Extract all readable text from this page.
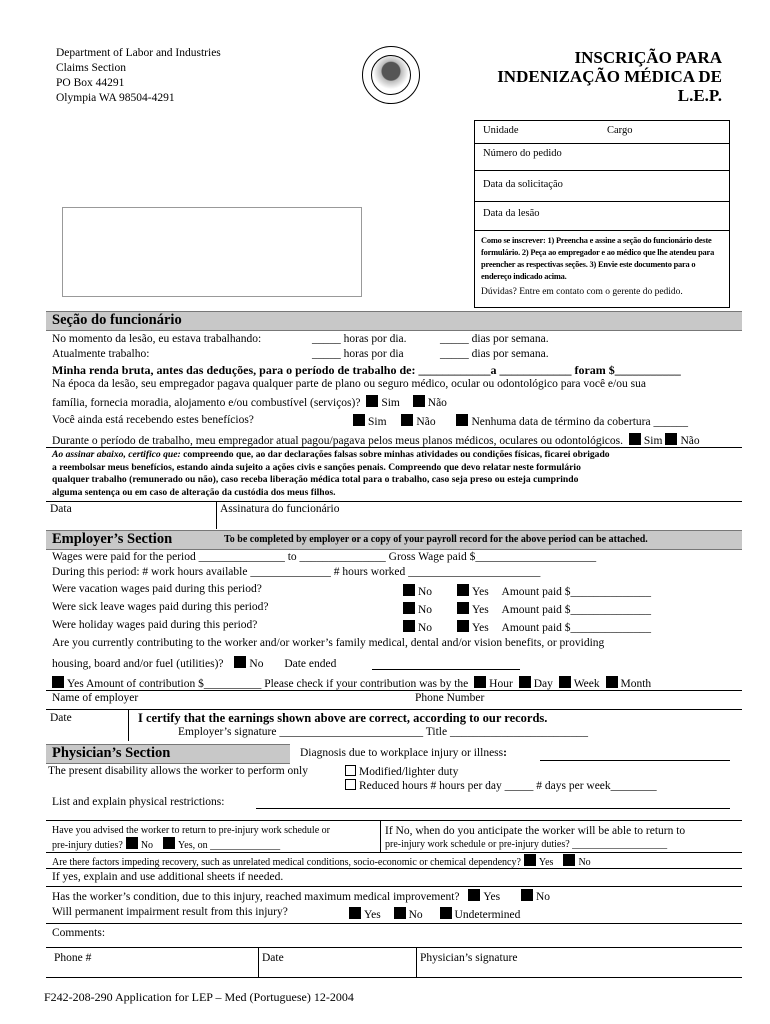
Department of Labor and Industries
Claims Section
PO Box 44291
Olympia WA 98504-4291
INSCRIÇÃO PARA
INDENIZAÇÃO MÉDICA DE
L.E.P.
Unidade	Cargo
Número do pedido
Data da solicitação
Data da lesão
Como se inscrever: 1) Preencha e assine a seção do funcionário deste formulário. 2) Peça ao empregador e ao médico que lhe atendeu para preencher as respectivas seções. 3) Envie este documento para o endereço indicado acima.
Dúvidas? Entre em contato com o gerente do pedido.
Seção do funcionário
No momento da lesão, eu estava trabalhando:	_____ horas por dia.	_____ dias por semana.
Atualmente trabalho:	_____ horas por dia	_____ dias por semana.
Minha renda bruta, antes das deduções, para o período de trabalho de: ____________a ____________ foram $___________
Na época da lesão, seu empregador pagava qualquer parte de plano ou seguro médico, ocular ou odontológico para você e/ou sua
família, fornecia moradia, alojamento e/ou combustível (serviços)? Sim Não
Você ainda está recebendo estes benefícios?	Sim	Não	Nenhuma data de término da cobertura ______
Durante o período de trabalho, meu empregador atual pagou/pagava pelos meus planos médicos, oculares ou odontológicos. Sim Não
Ao assinar abaixo, certifico que: compreendo que, ao dar declarações falsas sobre minhas atividades ou condições físicas, ficarei obrigado
a reembolsar meus benefícios, estando ainda sujeito a ações civis e sanções penais. Compreendo que devo relatar neste formulário
qualquer trabalho (remunerado ou não), caso receba liberação médica total para o trabalho, caso seja preso ou esteja cumprindo
alguma sentença ou em caso de alteração da custódia dos meus filhos.
Data	Assinatura do funcionário
Employer’s Section	To be completed by employer or a copy of your payroll record for the above period can be attached.
Wages were paid for the period _______________ to _______________ Gross Wage paid $_____________________
During this period: # work hours available ______________ # hours worked _______________________
Were vacation wages paid during this period?	No	Yes Amount paid $______________
Were sick leave wages paid during this period?	No	Yes Amount paid $______________
Were holiday wages paid during this period?	No	Yes Amount paid $______________
Are you currently contributing to the worker and/or worker’s family medical, dental and/or vision benefits, or providing
housing, board and/or fuel (utilities)? No Date ended
Yes Amount of contribution $__________ Please check if your contribution was by the Hour Day Week Month
Name of employer	Phone Number
Date	I certify that the earnings shown above are correct, according to our records.
Employer’s signature _________________________ Title ________________________
Physician’s Section	Diagnosis due to workplace injury or illness:
The present disability allows the worker to perform only	Modified/lighter duty
Reduced hours # hours per day _____ # days per week________
List and explain physical restrictions:
Have you advised the worker to return to pre-injury work schedule or
pre-injury duties? No	Yes, on ______________
If No, when do you anticipate the worker will be able to return to
pre-injury work schedule or pre-injury duties? ___________________
Are there factors impeding recovery, such as unrelated medical conditions, socio-economic or chemical dependency? Yes	No
If yes, explain and use additional sheets if needed.
Has the worker’s condition, due to this injury, reached maximum medical improvement? Yes	No
Will permanent impairment result from this injury?	Yes No	Undetermined
Comments:
Phone #	Date	Physician’s signature
F242-208-290 Application for LEP – Med (Portuguese) 12-2004
